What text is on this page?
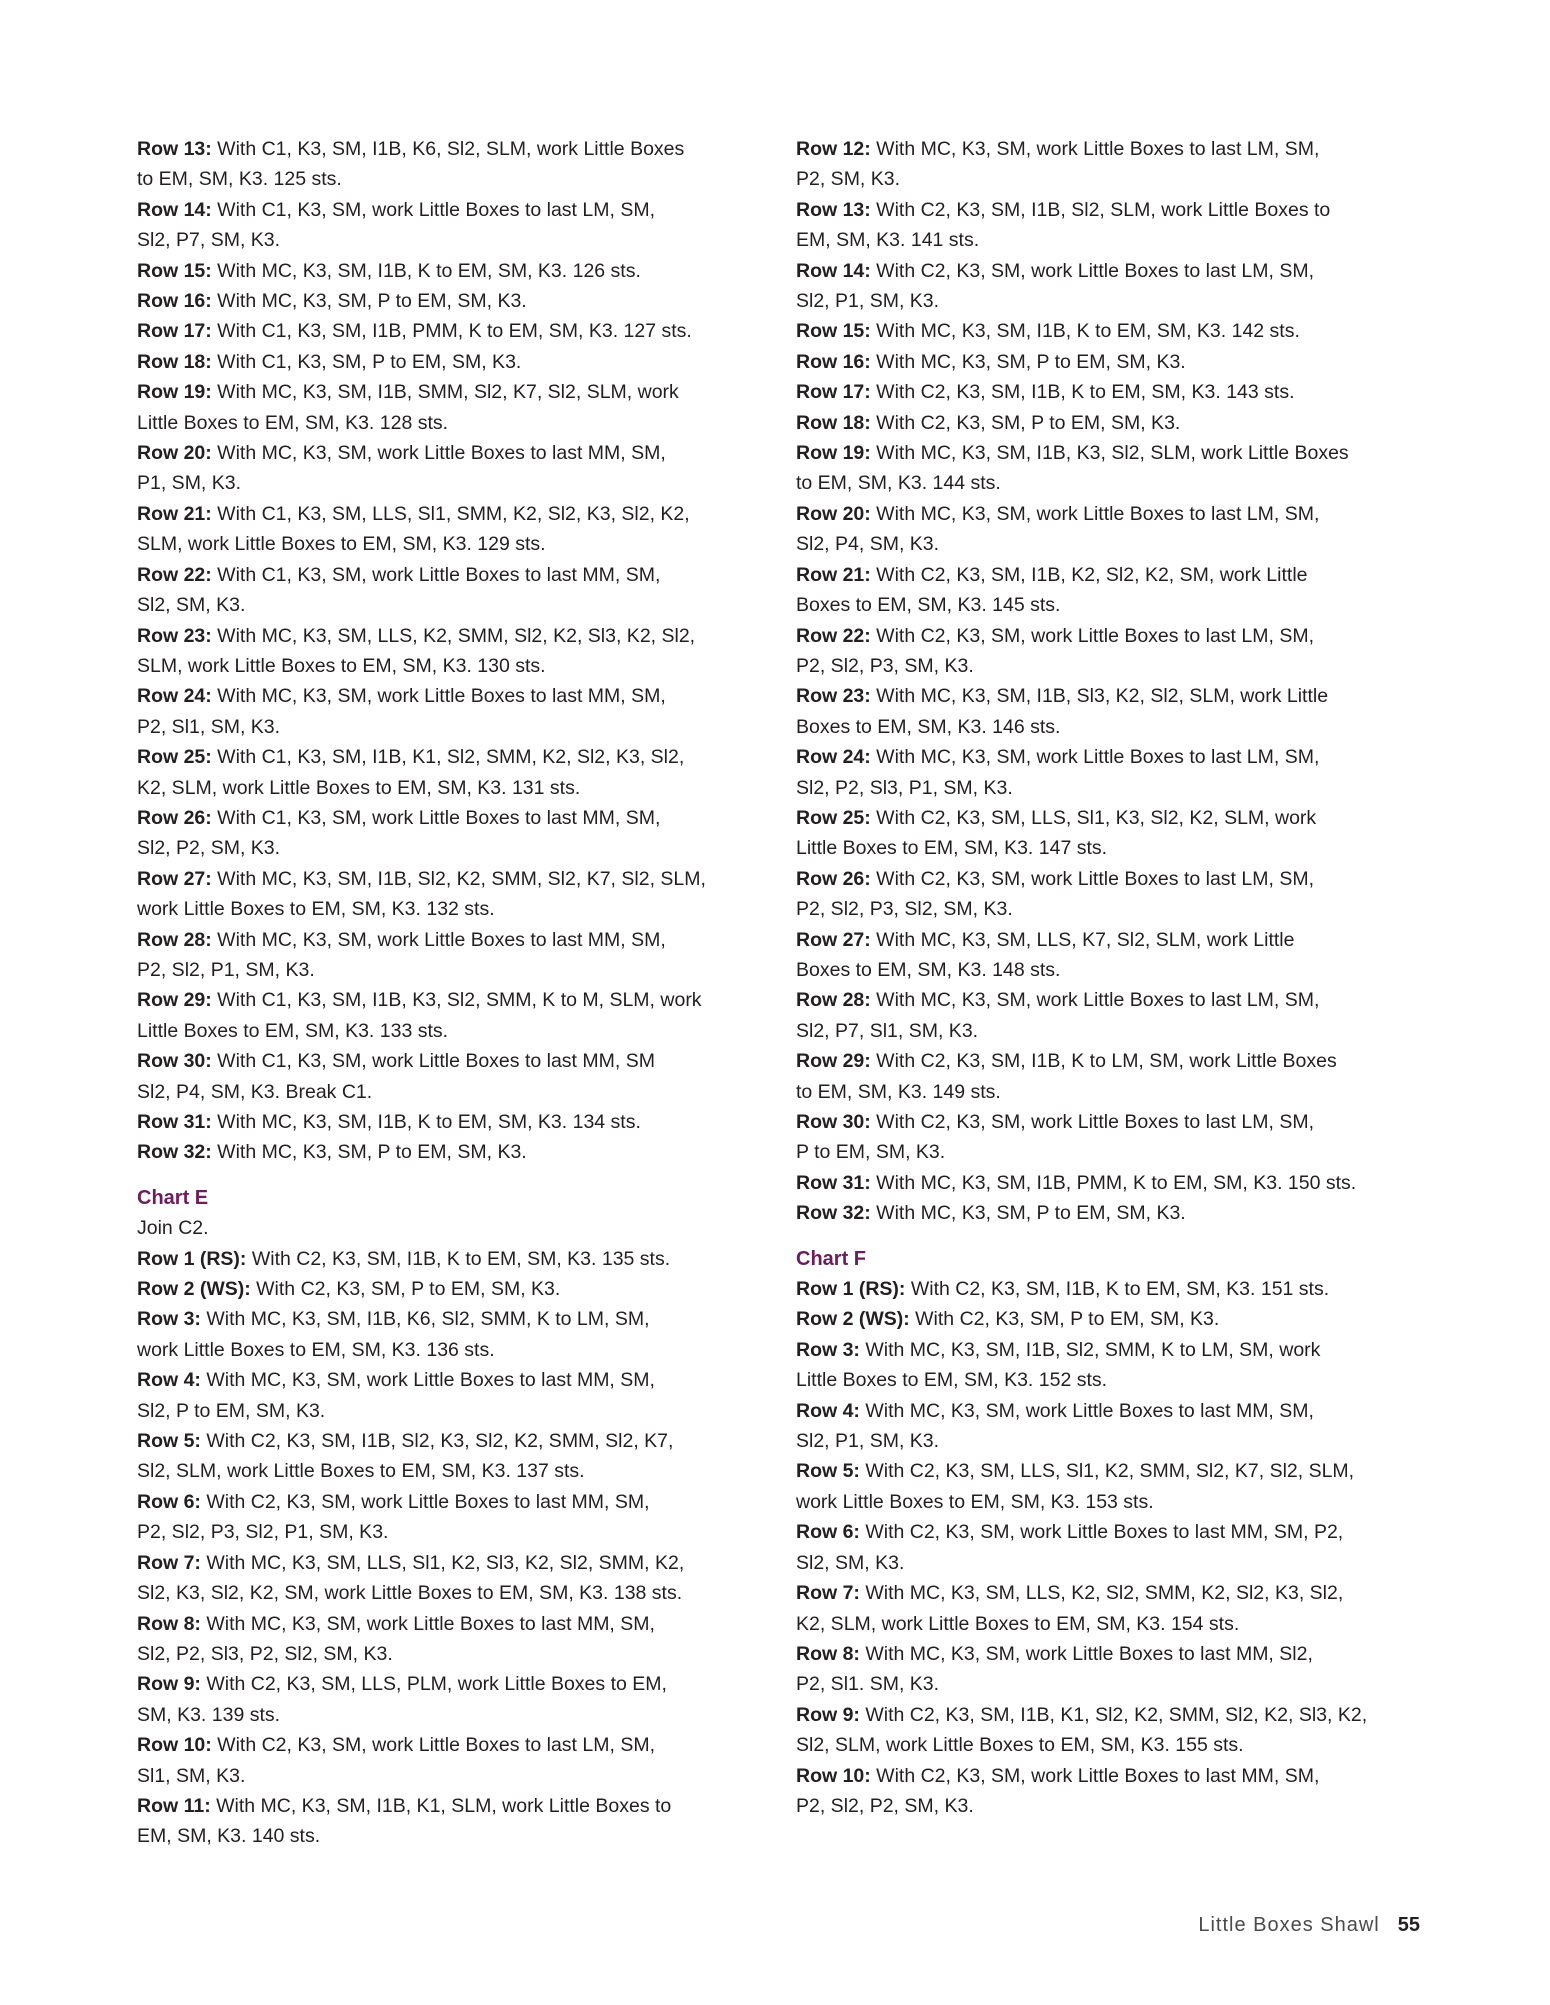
Row 13: With C1, K3, SM, I1B, K6, Sl2, SLM, work Little Boxes

to EM, SM, K3. 125 sts.

Row 14: With C1, K3, SM, work Little Boxes to last LM, SM,

Sl2, P7, SM, K3.

Row 15: With MC, K3, SM, I1B, K to EM, SM, K3. 126 sts.

Row 16: With MC, K3, SM, P to EM, SM, K3.

Row 17: With C1, K3, SM, I1B, PMM, K to EM, SM, K3. 127 sts.

Row 18: With C1, K3, SM, P to EM, SM, K3.

Row 19: With MC, K3, SM, I1B, SMM, Sl2, K7, Sl2, SLM, work

Little Boxes to EM, SM, K3. 128 sts.

Row 20: With MC, K3, SM, work Little Boxes to last MM, SM,

P1, SM, K3.

Row 21: With C1, K3, SM, LLS, Sl1, SMM, K2, Sl2, K3, Sl2, K2,

SLM, work Little Boxes to EM, SM, K3. 129 sts.

Row 22: With C1, K3, SM, work Little Boxes to last MM, SM,

Sl2, SM, K3.

Row 23: With MC, K3, SM, LLS, K2, SMM, Sl2, K2, Sl3, K2, Sl2,

SLM, work Little Boxes to EM, SM, K3. 130 sts.

Row 24: With MC, K3, SM, work Little Boxes to last MM, SM,

P2, Sl1, SM, K3.

Row 25: With C1, K3, SM, I1B, K1, Sl2, SMM, K2, Sl2, K3, Sl2,

K2, SLM, work Little Boxes to EM, SM, K3. 131 sts.

Row 26: With C1, K3, SM, work Little Boxes to last MM, SM,

Sl2, P2, SM, K3.

Row 27: With MC, K3, SM, I1B, Sl2, K2, SMM, Sl2, K7, Sl2, SLM,

work Little Boxes to EM, SM, K3. 132 sts.

Row 28: With MC, K3, SM, work Little Boxes to last MM, SM,

P2, Sl2, P1, SM, K3.

Row 29: With C1, K3, SM, I1B, K3, Sl2, SMM, K to M, SLM, work

Little Boxes to EM, SM, K3. 133 sts.

Row 30: With C1, K3, SM, work Little Boxes to last MM, SM

Sl2, P4, SM, K3. Break C1.

Row 31: With MC, K3, SM, I1B, K to EM, SM, K3. 134 sts.

Row 32: With MC, K3, SM, P to EM, SM, K3.

Chart E

Join C2.

Row 1 (RS): With C2, K3, SM, I1B, K to EM, SM, K3. 135 sts.

Row 2 (WS): With C2, K3, SM, P to EM, SM, K3.

Row 3: With MC, K3, SM, I1B, K6, Sl2, SMM, K to LM, SM,

work Little Boxes to EM, SM, K3. 136 sts.

Row 4: With MC, K3, SM, work Little Boxes to last MM, SM,

Sl2, P to EM, SM, K3.

Row 5: With C2, K3, SM, I1B, Sl2, K3, Sl2, K2, SMM, Sl2, K7,

Sl2, SLM, work Little Boxes to EM, SM, K3. 137 sts.

Row 6: With C2, K3, SM, work Little Boxes to last MM, SM,

P2, Sl2, P3, Sl2, P1, SM, K3.

Row 7: With MC, K3, SM, LLS, Sl1, K2, Sl3, K2, Sl2, SMM, K2,

Sl2, K3, Sl2, K2, SM, work Little Boxes to EM, SM, K3. 138 sts.

Row 8: With MC, K3, SM, work Little Boxes to last MM, SM,

Sl2, P2, Sl3, P2, Sl2, SM, K3.

Row 9: With C2, K3, SM, LLS, PLM, work Little Boxes to EM,

SM, K3. 139 sts.

Row 10: With C2, K3, SM, work Little Boxes to last LM, SM,

Sl1, SM, K3.

Row 11: With MC, K3, SM, I1B, K1, SLM, work Little Boxes to

EM, SM, K3. 140 sts.

Row 12: With MC, K3, SM, work Little Boxes to last LM, SM,

P2, SM, K3.

Row 13: With C2, K3, SM, I1B, Sl2, SLM, work Little Boxes to

EM, SM, K3. 141 sts.

Row 14: With C2, K3, SM, work Little Boxes to last LM, SM,

Sl2, P1, SM, K3.

Row 15: With MC, K3, SM, I1B, K to EM, SM, K3. 142 sts.

Row 16: With MC, K3, SM, P to EM, SM, K3.

Row 17: With C2, K3, SM, I1B, K to EM, SM, K3. 143 sts.

Row 18: With C2, K3, SM, P to EM, SM, K3.

Row 19: With MC, K3, SM, I1B, K3, Sl2, SLM, work Little Boxes

to EM, SM, K3. 144 sts.

Row 20: With MC, K3, SM, work Little Boxes to last LM, SM,

Sl2, P4, SM, K3.

Row 21: With C2, K3, SM, I1B, K2, Sl2, K2, SM, work Little

Boxes to EM, SM, K3. 145 sts.

Row 22: With C2, K3, SM, work Little Boxes to last LM, SM,

P2, Sl2, P3, SM, K3.

Row 23: With MC, K3, SM, I1B, Sl3, K2, Sl2, SLM, work Little

Boxes to EM, SM, K3. 146 sts.

Row 24: With MC, K3, SM, work Little Boxes to last LM, SM,

Sl2, P2, Sl3, P1, SM, K3.

Row 25: With C2, K3, SM, LLS, Sl1, K3, Sl2, K2, SLM, work

Little Boxes to EM, SM, K3. 147 sts.

Row 26: With C2, K3, SM, work Little Boxes to last LM, SM,

P2, Sl2, P3, Sl2, SM, K3.

Row 27: With MC, K3, SM, LLS, K7, Sl2, SLM, work Little

Boxes to EM, SM, K3. 148 sts.

Row 28: With MC, K3, SM, work Little Boxes to last LM, SM,

Sl2, P7, Sl1, SM, K3.

Row 29: With C2, K3, SM, I1B, K to LM, SM, work Little Boxes

to EM, SM, K3. 149 sts.

Row 30: With C2, K3, SM, work Little Boxes to last LM, SM,

P to EM, SM, K3.

Row 31: With MC, K3, SM, I1B, PMM, K to EM, SM, K3. 150 sts.

Row 32: With MC, K3, SM, P to EM, SM, K3.

Chart F

Row 1 (RS): With C2, K3, SM, I1B, K to EM, SM, K3. 151 sts.

Row 2 (WS): With C2, K3, SM, P to EM, SM, K3.

Row 3: With MC, K3, SM, I1B, Sl2, SMM, K to LM, SM, work

Little Boxes to EM, SM, K3. 152 sts.

Row 4: With MC, K3, SM, work Little Boxes to last MM, SM,

Sl2, P1, SM, K3.

Row 5: With C2, K3, SM, LLS, Sl1, K2, SMM, Sl2, K7, Sl2, SLM,

work Little Boxes to EM, SM, K3. 153 sts.

Row 6: With C2, K3, SM, work Little Boxes to last MM, SM, P2,

Sl2, SM, K3.

Row 7: With MC, K3, SM, LLS, K2, Sl2, SMM, K2, Sl2, K3, Sl2,

K2, SLM, work Little Boxes to EM, SM, K3. 154 sts.

Row 8: With MC, K3, SM, work Little Boxes to last MM, Sl2,

P2, Sl1. SM, K3.

Row 9: With C2, K3, SM, I1B, K1, Sl2, K2, SMM, Sl2, K2, Sl3, K2,

Sl2, SLM, work Little Boxes to EM, SM, K3. 155 sts.

Row 10: With C2, K3, SM, work Little Boxes to last MM, SM,

P2, Sl2, P2, SM, K3.

Little Boxes Shawl 55
